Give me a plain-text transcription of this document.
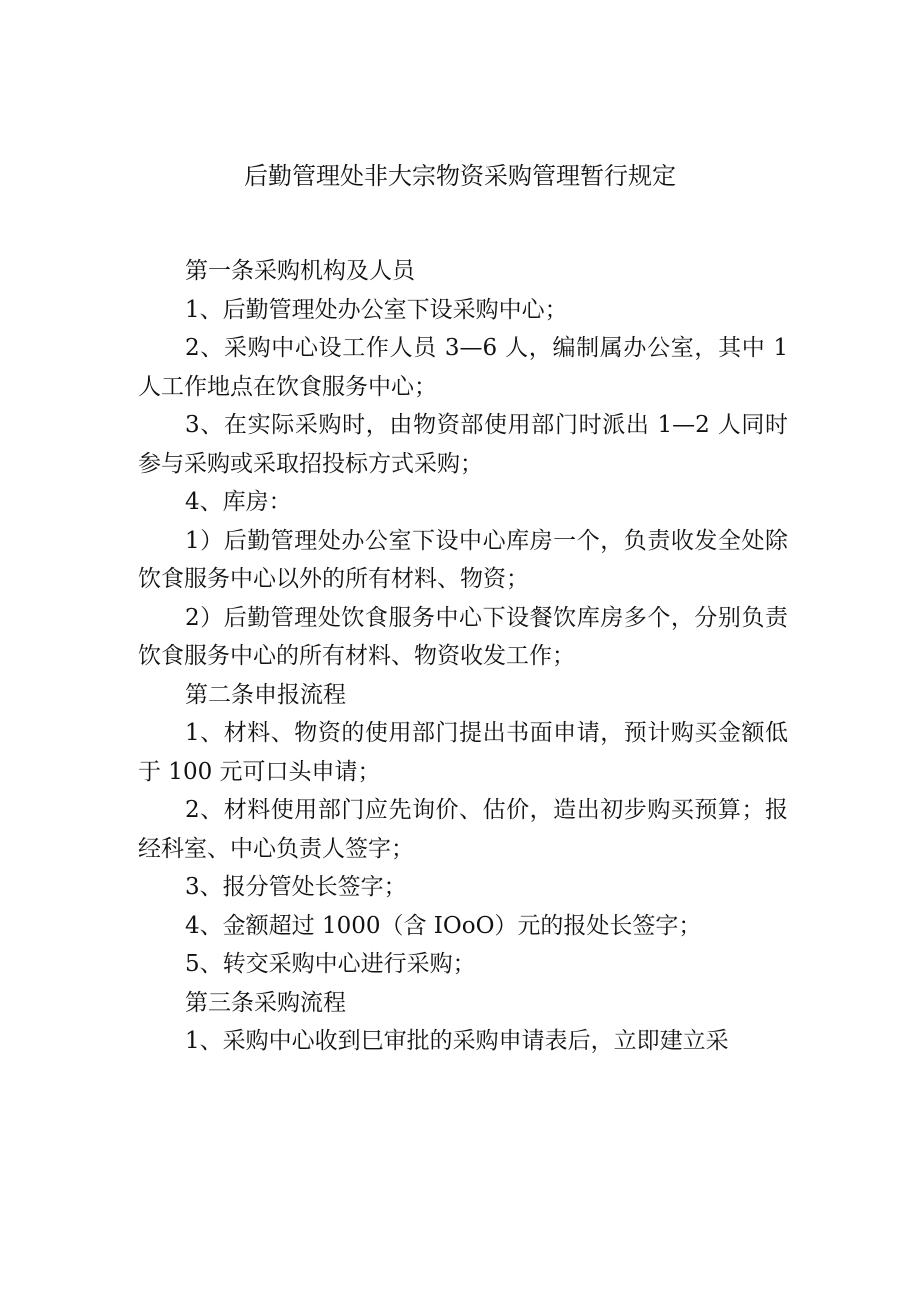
后勤管理处非大宗物资采购管理暂行规定

第一条采购机构及人员

1、后勤管理处办公室下设采购中心；

2、采购中心设工作人员 3—6 人，编制属办公室，其中 1 人工作地点在饮食服务中心；

3、在实际采购时，由物资部使用部门时派出 1—2 人同时参与采购或采取招投标方式采购；

4、库房：

1）后勤管理处办公室下设中心库房一个，负责收发全处除饮食服务中心以外的所有材料、物资；

2）后勤管理处饮食服务中心下设餐饮库房多个，分别负责饮食服务中心的所有材料、物资收发工作；

第二条申报流程

1、材料、物资的使用部门提出书面申请，预计购买金额低于 100 元可口头申请；

2、材料使用部门应先询价、估价，造出初步购买预算；报经科室、中心负责人签字；

3、报分管处长签字；

4、金额超过 1000（含 IOoO）元的报处长签字；

5、转交采购中心进行采购；

第三条采购流程

1、采购中心收到巳审批的采购申请表后，立即建立采
